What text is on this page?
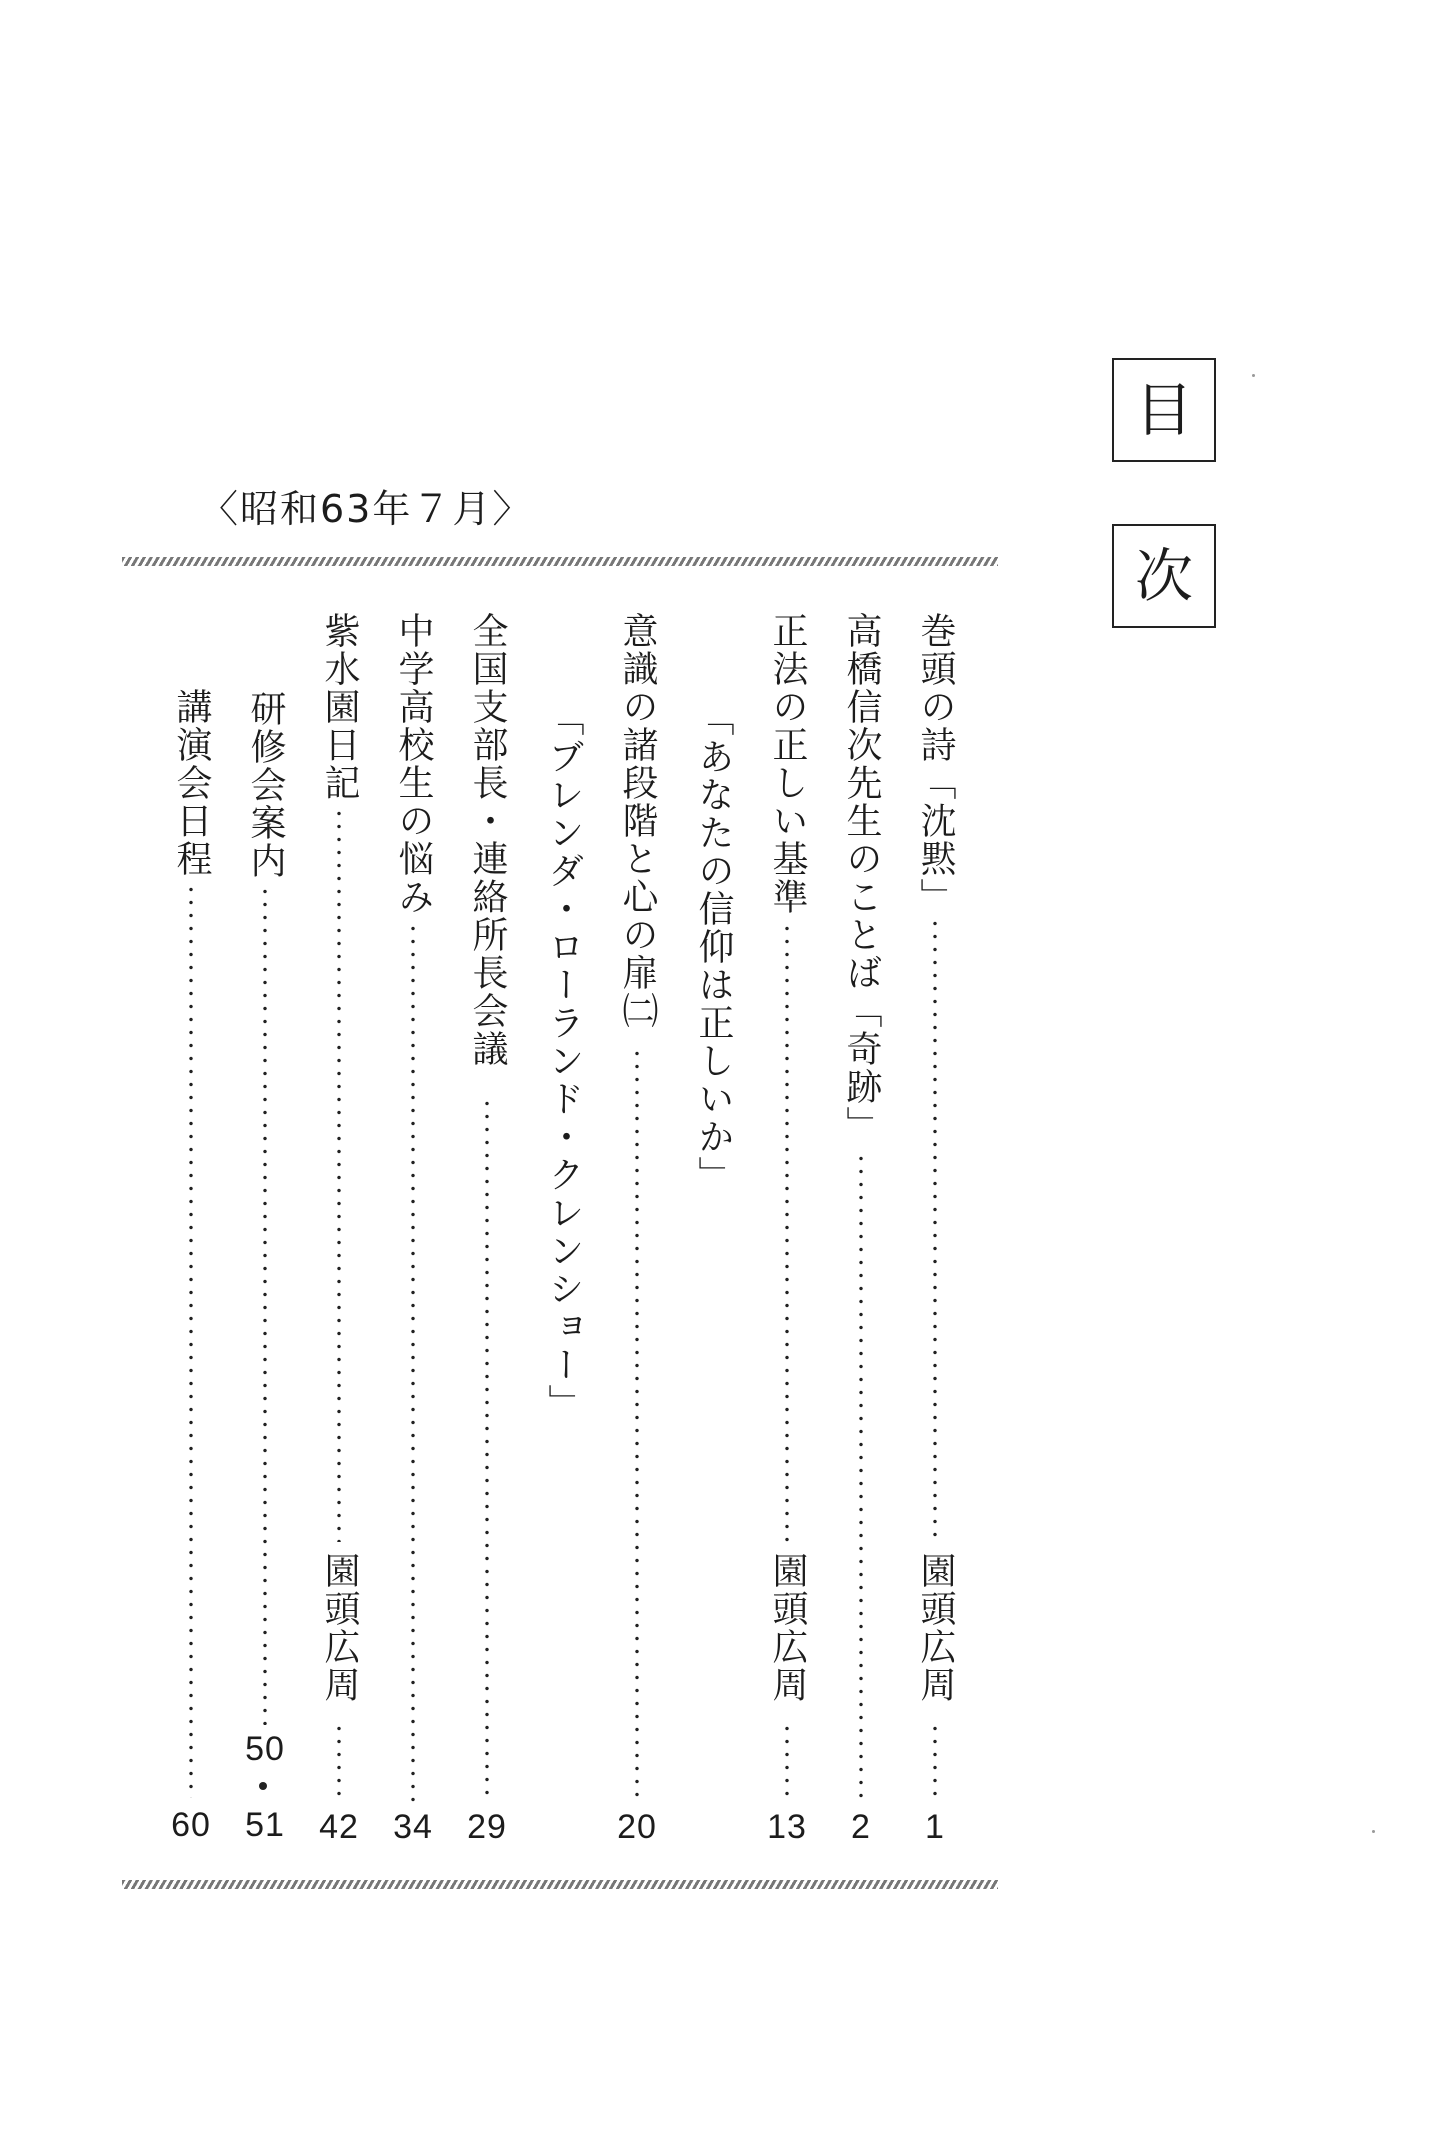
目
次
〈昭和63年７月〉
巻頭の詩「沈黙」
園頭広周
1
高橋信次先生のことば「奇跡」
2
正法の正しい基準
園頭広周
13
「あなたの信仰は正しいか」
意識の諸段階と心の扉㈡
20
「ブレンダ・ローランド・クレンショー」
全国支部長・連絡所長会議
29
中学高校生の悩み
34
紫水園日記
園頭広周
42
研修会案内
50
51
講演会日程
60
